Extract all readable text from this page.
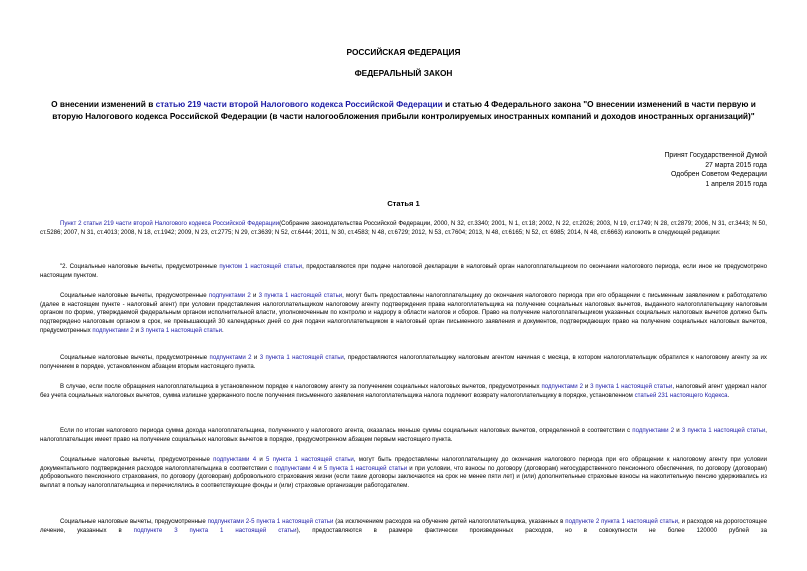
РОССИЙСКАЯ ФЕДЕРАЦИЯ
ФЕДЕРАЛЬНЫЙ ЗАКОН
О внесении изменений в статью 219 части второй Налогового кодекса Российской Федерации и статью 4 Федерального закона "О внесении изменений в части первую и вторую Налогового кодекса Российской Федерации (в части налогообложения прибыли контролируемых иностранных компаний и доходов иностранных организаций)"
Принят Государственной Думой
27 марта 2015 года
Одобрен Советом Федерации
1 апреля 2015 года
Статья 1
Пункт 2 статьи 219 части второй Налогового кодекса Российской Федерации(Собрание законодательства Российской Федерации, 2000, N 32, ст.3340; 2001, N 1, ст.18; 2002, N 22, ст.2026; 2003, N 19, ст.1749; N 28, ст.2879; 2006, N 31, ст.3443; N 50, ст.5286; 2007, N 31, ст.4013; 2008, N 18, ст.1942; 2009, N 23, ст.2775; N 29, ст.3639; N 52, ст.6444; 2011, N 30, ст.4583; N 48, ст.6729; 2012, N 53, ст.7604; 2013, N 48, ст.6165; N 52, ст. 6985; 2014, N 48, ст.6663) изложить в следующей редакции:
"2. Социальные налоговые вычеты, предусмотренные пунктом 1 настоящей статьи, предоставляются при подаче налоговой декларации в налоговый орган налогоплательщиком по окончании налогового периода, если иное не предусмотрено настоящим пунктом.
Социальные налоговые вычеты, предусмотренные подпунктами 2 и 3 пункта 1 настоящей статьи, могут быть предоставлены налогоплательщику до окончания налогового периода при его обращении с письменным заявлением к работодателю (далее в настоящем пункте - налоговый агент) при условии представления налогоплательщиком налоговому агенту подтверждения права налогоплательщика на получение социальных налоговых вычетов, выданного налогоплательщику налоговым органом по форме, утверждаемой федеральным органом исполнительной власти, уполномоченным по контролю и надзору в области налогов и сборов. Право на получение налогоплательщиком указанных социальных налоговых вычетов должно быть подтверждено налоговым органом в срок, не превышающий 30 календарных дней со дня подачи налогоплательщиком в налоговый орган письменного заявления и документов, подтверждающих право на получение социальных налоговых вычетов, предусмотренных подпунктами 2 и 3 пункта 1 настоящей статьи.
Социальные налоговые вычеты, предусмотренные подпунктами 2 и 3 пункта 1 настоящей статьи, предоставляются налогоплательщику налоговым агентом начиная с месяца, в котором налогоплательщик обратился к налоговому агенту за их получением в порядке, установленном абзацем вторым настоящего пункта.
В случае, если после обращения налогоплательщика в установленном порядке к налоговому агенту за получением социальных налоговых вычетов, предусмотренных подпунктами 2 и 3 пункта 1 настоящей статьи, налоговый агент удержал налог без учета социальных налоговых вычетов, сумма излишне удержанного после получения письменного заявления налогоплательщика налога подлежит возврату налогоплательщику в порядке, установленном статьей 231 настоящего Кодекса.
Если по итогам налогового периода сумма дохода налогоплательщика, полученного у налогового агента, оказалась меньше суммы социальных налоговых вычетов, определенной в соответствии с подпунктами 2 и 3 пункта 1 настоящей статьи, налогоплательщик имеет право на получение социальных налоговых вычетов в порядке, предусмотренном абзацем первым настоящего пункта.
Социальные налоговые вычеты, предусмотренные подпунктами 4 и 5 пункта 1 настоящей статьи, могут быть предоставлены налогоплательщику до окончания налогового периода при его обращении к налоговому агенту при условии документального подтверждения расходов налогоплательщика в соответствии с подпунктами 4 и 5 пункта 1 настоящей статьи и при условии, что взносы по договору (договорам) негосударственного пенсионного обеспечения, по договору (договорам) добровольного пенсионного страхования, по договору (договорам) добровольного страхования жизни (если такие договоры заключаются на срок не менее пяти лет) и (или) дополнительные страховые взносы на накопительную пенсию удерживались из выплат в пользу налогоплательщика и перечислялись в соответствующие фонды и (или) страховые организации работодателем.
Социальные налоговые вычеты, предусмотренные подпунктами 2-5 пункта 1 настоящей статьи (за исключением расходов на обучение детей налогоплательщика, указанных в подпункте 2 пункта 1 настоящей статьи, и расходов на дорогостоящее лечение, указанных в подпункте 3 пункта 1 настоящей статьи), предоставляются в размере фактически произведенных расходов, но в совокупности не более 120000 рублей за
